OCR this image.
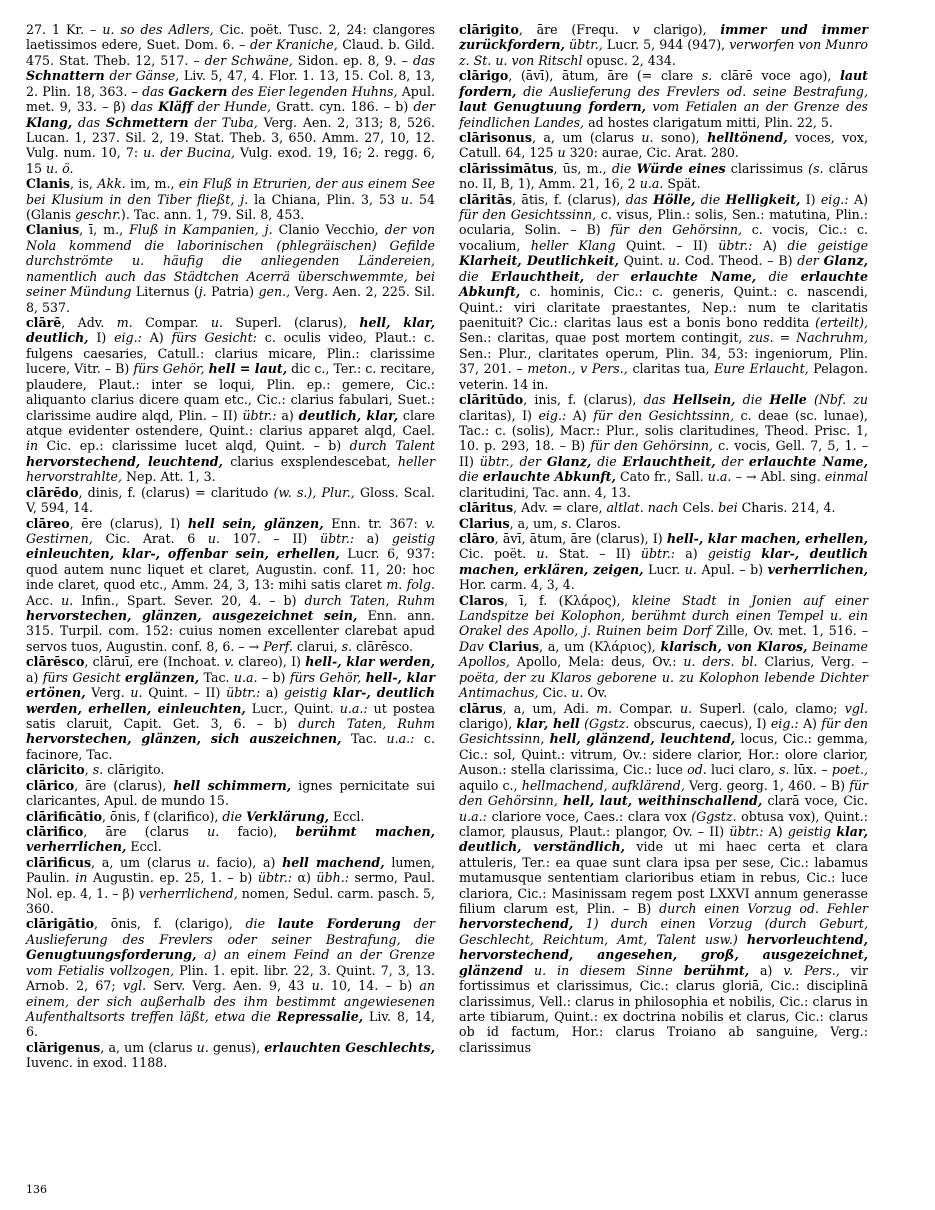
27. 1 Kr. – u. so des Adlers, Cic. poët. Tusc. 2, 24: clangores laetissimos edere, Suet. Dom. 6. – der Kraniche, Claud. b. Gild. 475. Stat. Theb. 12, 517. – der Schwäne, Sidon. ep. 8, 9. – das Schnattern der Gänse, Liv. 5, 47, 4. Flor. 1. 13, 15. Col. 8, 13, 2. Plin. 18, 363. – das Gackern des Eier legenden Huhns, Apul. met. 9, 33. – β) das Kläff der Hunde, Gratt. cyn. 186. – b) der Klang, das Schmettern der Tuba, Verg. Aen. 2, 313; 8, 526. Lucan. 1, 237. Sil. 2, 19. Stat. Theb. 3, 650. Amm. 27, 10, 12. Vulg. num. 10, 7: u. der Bucina, Vulg. exod. 19, 16; 2. regg. 6, 15 u. ö.

Clanis, is, Akk. im, m., ein Fluß in Etrurien, der aus einem See bei Klusium in den Tiber fließt, j. la Chiana, Plin. 3, 53 u. 54 (Glanis geschr.). Tac. ann. 1, 79. Sil. 8, 453.

Clanius, ī, m., Fluß in Kampanien, j. Clanio Vecchio, der von Nola kommend die laborinischen (phlegräischen) Gefilde durchströmte u. häufig die anliegenden Ländereien, namentlich auch das Städtchen Acerrä überschwemmte, bei seiner Mündung Liternus (j. Patria) gen., Verg. Aen. 2, 225. Sil. 8, 537.

clārē, Adv. m. Compar. u. Superl. (clarus), hell, klar, deutlich, I) eig.: A) fürs Gesicht: c. oculis video, Plaut.: c. fulgens caesaries, Catull.: clarius micare, Plin.: clarissime lucere, Vitr. – B) fürs Gehör, hell = laut, dic c., Ter.: c. recitare, plaudere, Plaut.: inter se loqui, Plin. ep.: gemere, Cic.: aliquanto clarius dicere quam etc., Cic.: clarius fabulari, Suet.: clarissime audire alqd, Plin. – II) übtr.: a) deutlich, klar, clare atque evidenter ostendere, Quint.: clarius apparet alqd, Cael. in Cic. ep.: clarissime lucet alqd, Quint. – b) durch Talent hervorstechend, leuchtend, clarius exsplendescebat, heller hervorstrahlte, Nep. Att. 1, 3.

clārēdo, dinis, f. (clarus) = claritudo (w. s.), Plur., Gloss. Scal. V, 594, 14.

clāreo, ēre (clarus), I) hell sein, glänzen, Enn. tr. 367: v. Gestirnen, Cic. Arat. 6 u. 107. – II) übtr.: a) geistig einleuchten, klar-, offenbar sein, erhellen, Lucr. 6, 937: quod autem nunc liquet et claret, Augustin. conf. 11, 20: hoc inde claret, quod etc., Amm. 24, 3, 13: mihi satis claret m. folg. Acc. u. Infin., Spart. Sever. 20, 4. – b) durch Taten, Ruhm hervorstechen, glänzen, ausgezeichnet sein, Enn. ann. 315. Turpil. com. 152: cuius nomen excellenter clarebat apud servos tuos, Augustin. conf. 8, 6. – → Perf. clarui, s. clārēsco.

clārēsco, clāruī, ere (Inchoat. v. clareo), I) hell-, klar werden, a) fürs Gesicht erglänzen, Tac. u.a. – b) fürs Gehör, hell-, klar ertönen, Verg. u. Quint. – II) übtr.: a) geistig klar-, deutlich werden, erhellen, einleuchten, Lucr., Quint. u.a.: ut postea satis claruit, Capit. Get. 3, 6. – b) durch Taten, Ruhm hervorstechen, glänzen, sich auszeichnen, Tac. u.a.: c. facinore, Tac.

clāricito, s. clārigito.

clārico, āre (clarus), hell schimmern, ignes pernicitate sui claricantes, Apul. de mundo 15.

clārificātio, ōnis, f (clarifico), die Verklärung, Eccl.

clārifico, āre (clarus u. facio), berühmt machen, verherrlichen, Eccl.

clārificus, a, um (clarus u. facio), a) hell machend, lumen, Paulin. in Augustin. ep. 25, 1. – b) übtr.: α) übh.: sermo, Paul. Nol. ep. 4, 1. – β) verherrlichend, nomen, Sedul. carm. pasch. 5, 360.

clārigātio, ōnis, f. (clarigo), die laute Forderung der Auslieferung des Frevlers oder seiner Bestrafung, die Genugtuungsforderung, a) an einem Feind an der Grenze vom Fetialis vollzogen, Plin. 1. epit. libr. 22, 3. Quint. 7, 3, 13. Arnob. 2, 67; vgl. Serv. Verg. Aen. 9, 43 u. 10, 14. – b) an einem, der sich außerhalb des ihm bestimmt angewiesenen Aufenthaltsorts treffen läßt, etwa die Repressalie, Liv. 8, 14, 6.

clārigenus, a, um (clarus u. genus), erlauchten Geschlechts, Iuvenc. in exod. 1188.

clārigito, āre (Frequ. v clarigo), immer und immer zurückfordern, übtr., Lucr. 5, 944 (947), verworfen von Munro z. St. u. von Ritschl opusc. 2, 434.

clārigo, (āvī), ātum, āre (= clare s. clārē voce ago), laut fordern, die Auslieferung des Frevlers od. seine Bestrafung, laut Genugtuung fordern, vom Fetialen an der Grenze des feindlichen Landes, ad hostes clarigatum mitti, Plin. 22, 5.

clārisonus, a, um (clarus u. sono), helltönend, voces, vox, Catull. 64, 125 u 320: aurae, Cic. Arat. 280.

clārissimātus, ūs, m., die Würde eines clarissimus (s. clārus no. II, B, 1), Amm. 21, 16, 2 u.a. Spät.

clāritās, ātis, f. (clarus), das Hölle, die Helligkeit, I) eig.: A) für den Gesichtssinn, c. visus, Plin.: solis, Sen.: matutina, Plin.: ocularia, Solin. – B) für den Gehörsinn, c. vocis, Cic.: c. vocalium, heller Klang Quint. – II) übtr.: A) die geistige Klarheit, Deutlichkeit, Quint. u. Cod. Theod. – B) der Glanz, die Erlauchtheit, der erlauchte Name, die erlauchte Abkunft, c. hominis, Cic.: c. generis, Quint.: c. nascendi, Quint.: viri claritate praestantes, Nep.: num te claritatis paenituit? Cic.: claritas laus est a bonis bono reddita (erteilt), Sen.: claritas, quae post mortem contingit, zus. = Nachruhm, Sen.: Plur., claritates operum, Plin. 34, 53: ingeniorum, Plin. 37, 201. – meton., v Pers., claritas tua, Eure Erlaucht, Pelagon. veterin. 14 in.

clāritūdo, inis, f. (clarus), das Hellsein, die Helle (Nbf. zu claritas), I) eig.: A) für den Gesichtssinn, c. deae (sc. lunae), Tac.: c. (solis), Macr.: Plur., solis claritudines, Theod. Prisc. 1, 10. p. 293, 18. – B) für den Gehörsinn, c. vocis, Gell. 7, 5, 1. – II) übtr., der Glanz, die Erlauchtheit, der erlauchte Name, die erlauchte Abkunft, Cato fr., Sall. u.a. – → Abl. sing. einmal claritudini, Tac. ann. 4, 13.

clāritus, Adv. = clare, altlat. nach Cels. bei Charis. 214, 4.

Clarius, a, um, s. Claros.

clāro, āvī, ātum, āre (clarus), I) hell-, klar machen, erhellen, Cic. poët. u. Stat. – II) übtr.: a) geistig klar-, deutlich machen, erklären, zeigen, Lucr. u. Apul. – b) verherrlichen, Hor. carm. 4, 3, 4.

Claros, ī, f. (Κλάρος), kleine Stadt in Jonien auf einer Landspitze bei Kolophon, berühmt durch einen Tempel u. ein Orakel des Apollo, j. Ruinen beim Dorf Zille, Ov. met. 1, 516. – Dav Clarius, a, um (Κλάριος), klarisch, von Klaros, Beiname Apollos, Apollo, Mela: deus, Ov.: u. ders. bl. Clarius, Verg. – poëta, der zu Klaros geborene u. zu Kolophon lebende Dichter Antimachus, Cic. u. Ov.

clārus, a, um, Adi. m. Compar. u. Superl. (calo, clamo; vgl. clarigo), klar, hell (Ggstz. obscurus, caecus), I) eig.: A) für den Gesichtssinn, hell, glänzend, leuchtend, locus, Cic.: gemma, Cic.: sol, Quint.: vitrum, Ov.: sidere clarior, Hor.: olore clarior, Auson.: stella clarissima, Cic.: luce od. luci claro, s. lūx. – poet., aquilo c., hellmachend, aufklärend, Verg. georg. 1, 460. – B) für den Gehörsinn, hell, laut, weithinschallend, clarā voce, Cic. u.a.: clariore voce, Caes.: clara vox (Ggstz. obtusa vox), Quint.: clamor, plausus, Plaut.: plangor, Ov. – II) übtr.: A) geistig klar, deutlich, verständlich, vide ut mi haec certa et clara attuleris, Ter.: ea quae sunt clara ipsa per sese, Cic.: labamus mutamusque sententiam clarioribus etiam in rebus, Cic.: luce clariora, Cic.: Masinissam regem post LXXVI annum generasse filium clarum est, Plin. – B) durch einen Vorzug od. Fehler hervorstechend, 1) durch einen Vorzug (durch Geburt, Geschlecht, Reichtum, Amt, Talent usw.) hervorleuchtend, hervorstechend, angesehen, groß, ausgezeichnet, glänzend u. in diesem Sinne berühmt, a) v. Pers., vir fortissimus et clarissimus, Cic.: clarus gloriā, Cic.: disciplinā clarissimus, Vell.: clarus in philosophia et nobilis, Cic.: clarus in arte tibiarum, Quint.: ex doctrina nobilis et clarus, Cic.: clarus ob id factum, Hor.: clarus Troiano ab sanguine, Verg.: clarissimus

136
